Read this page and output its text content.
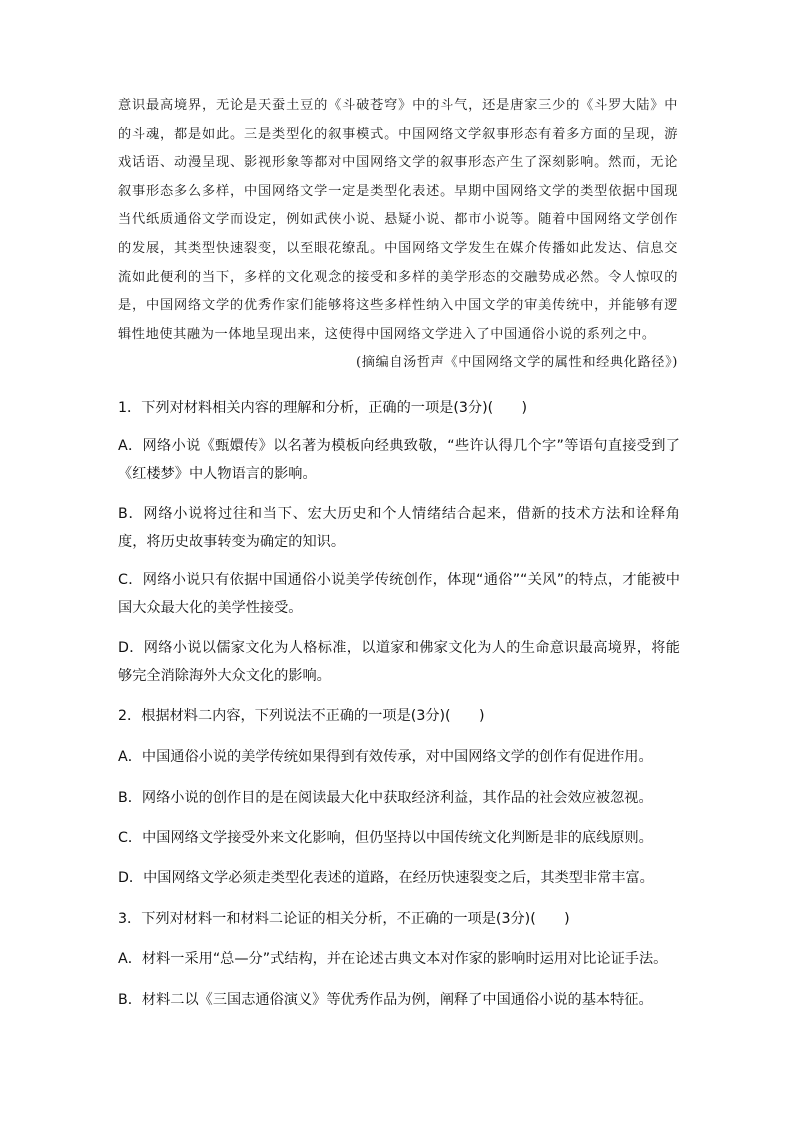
意识最高境界，无论是天蚕土豆的《斗破苍穹》中的斗气，还是唐家三少的《斗罗大陆》中的斗魂，都是如此。三是类型化的叙事模式。中国网络文学叙事形态有着多方面的呈现，游戏话语、动漫呈现、影视形象等都对中国网络文学的叙事形态产生了深刻影响。然而，无论叙事形态多么多样，中国网络文学一定是类型化表述。早期中国网络文学的类型依据中国现当代纸质通俗文学而设定，例如武侠小说、悬疑小说、都市小说等。随着中国网络文学创作的发展，其类型快速裂变，以至眼花缭乱。中国网络文学发生在媒介传播如此发达、信息交流如此便利的当下，多样的文化观念的接受和多样的美学形态的交融势成必然。令人惊叹的是，中国网络文学的优秀作家们能够将这些多样性纳入中国文学的审美传统中，并能够有逻辑性地使其融为一体地呈现出来，这使得中国网络文学进入了中国通俗小说的系列之中。
(摘编自汤哲声《中国网络文学的属性和经典化路径》)
1．下列对材料相关内容的理解和分析，正确的一项是(3分)(　　)
A．网络小说《甄嬛传》以名著为模板向经典致敬，“些许认得几个字”等语句直接受到了《红楼梦》中人物语言的影响。
B．网络小说将过往和当下、宏大历史和个人情绪结合起来，借新的技术方法和诠释角度，将历史故事转变为确定的知识。
C．网络小说只有依据中国通俗小说美学传统创作，体现“通俗”“关风”的特点，才能被中国大众最大化的美学性接受。
D．网络小说以儒家文化为人格标准，以道家和佛家文化为人的生命意识最高境界，将能够完全消除海外大众文化的影响。
2．根据材料二内容，下列说法不正确的一项是(3分)(　　)
A．中国通俗小说的美学传统如果得到有效传承，对中国网络文学的创作有促进作用。
B．网络小说的创作目的是在阅读最大化中获取经济利益，其作品的社会效应被忽视。
C．中国网络文学接受外来文化影响，但仍坚持以中国传统文化判断是非的底线原则。
D．中国网络文学必须走类型化表述的道路，在经历快速裂变之后，其类型非常丰富。
3．下列对材料一和材料二论证的相关分析，不正确的一项是(3分)(　　)
A．材料一采用“总—分”式结构，并在论述古典文本对作家的影响时运用对比论证手法。
B．材料二以《三国志通俗演义》等优秀作品为例，阐释了中国通俗小说的基本特征。
